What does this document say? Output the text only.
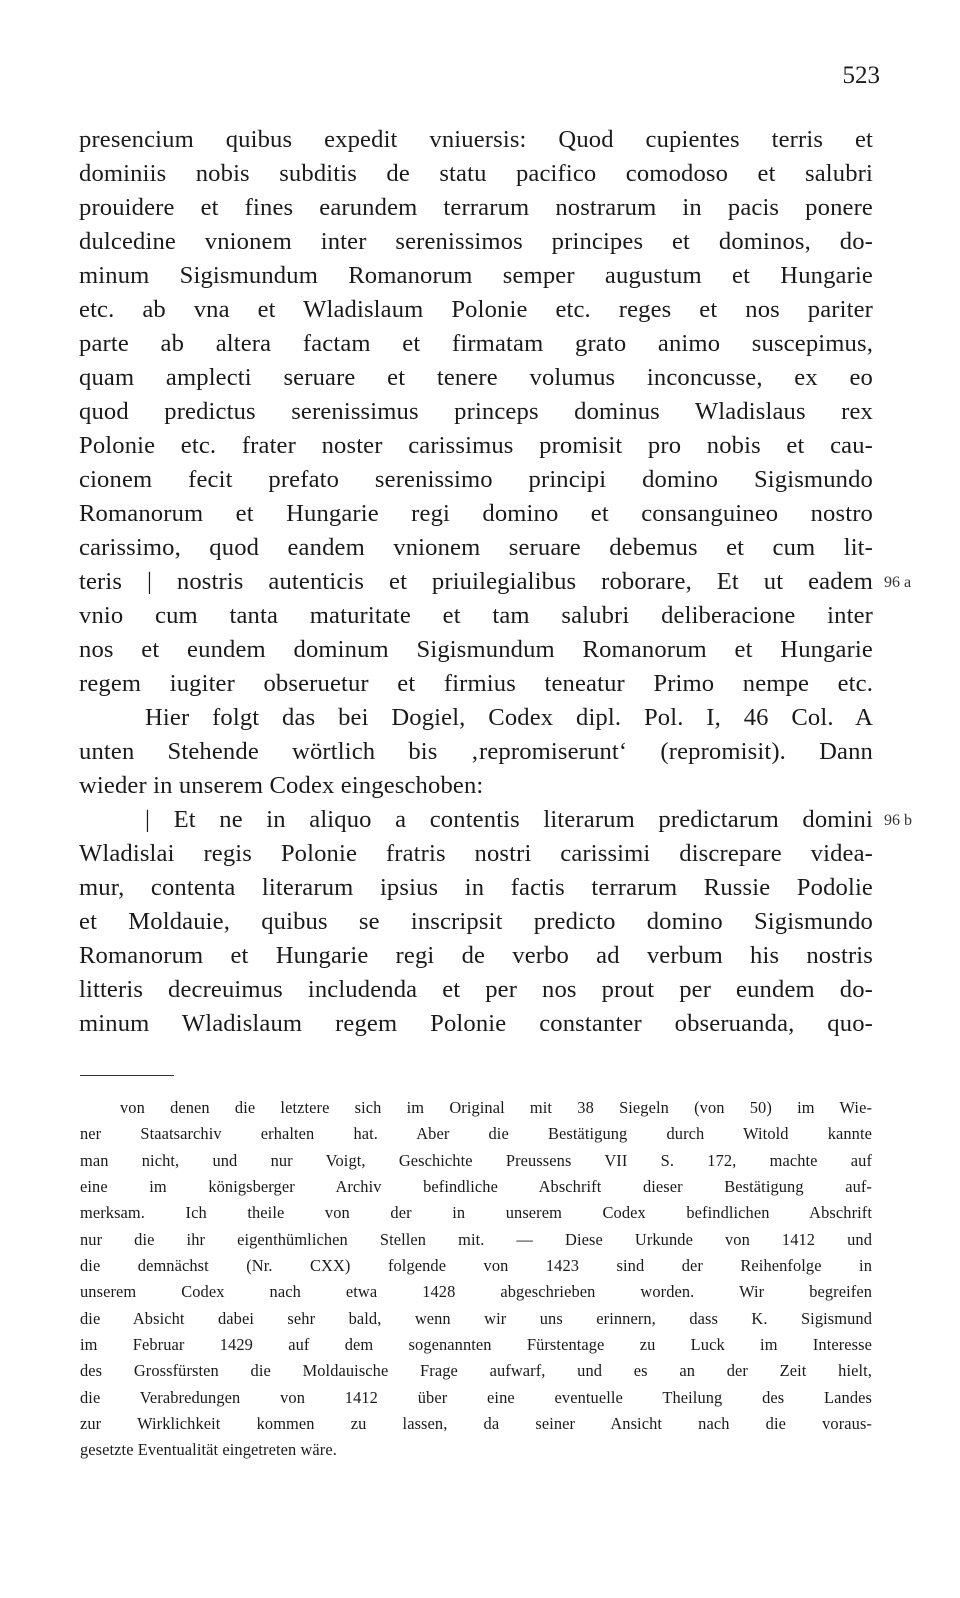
523

presencium quibus expedit vniuersis: Quod cupientes terris et

dominiis nobis subditis de statu pacifico comodoso et salubri

prouidere et fines earundem terrarum nostrarum in pacis ponere

dulcedine vnionem inter serenissimos principes et dominos, do-

minum Sigismundum Romanorum semper augustum et Hungarie

etc. ab vna et Wladislaum Polonie etc. reges et nos pariter

parte ab altera factam et firmatam grato animo suscepimus,

quam amplecti seruare et tenere volumus inconcusse, ex eo

quod predictus serenissimus princeps dominus Wladislaus rex

Polonie etc. frater noster carissimus promisit pro nobis et cau-

cionem fecit prefato serenissimo principi domino Sigismundo

Romanorum et Hungarie regi domino et consanguineo nostro

carissimo, quod eandem vnionem seruare debemus et cum lit-

teris | nostris autenticis et priuilegialibus roborare, Et ut eadem

vnio cum tanta maturitate et tam salubri deliberacione inter

nos et eundem dominum Sigismundum Romanorum et Hungarie

regem iugiter obseruetur et firmius teneatur Primo nempe etc.

Hier folgt das bei Dogiel, Codex dipl. Pol. I, 46 Col. A

unten Stehende wörtlich bis ‚repromiserunt‘ (repromisit). Dann

wieder in unserem Codex eingeschoben:

| Et ne in aliquo a contentis literarum predictarum domini

Wladislai regis Polonie fratris nostri carissimi discrepare videa-

mur, contenta literarum ipsius in factis terrarum Russie Podolie

et Moldauie, quibus se inscripsit predicto domino Sigismundo

Romanorum et Hungarie regi de verbo ad verbum his nostris

litteris decreuimus includenda et per nos prout per eundem do-

minum Wladislaum regem Polonie constanter obseruanda, quo-

96 a
96 b

von denen die letztere sich im Original mit 38 Siegeln (von 50) im Wie-

ner Staatsarchiv erhalten hat. Aber die Bestätigung durch Witold kannte

man nicht, und nur Voigt, Geschichte Preussens VII S. 172, machte auf

eine im königsberger Archiv befindliche Abschrift dieser Bestätigung auf-

merksam. Ich theile von der in unserem Codex befindlichen Abschrift

nur die ihr eigenthümlichen Stellen mit. — Diese Urkunde von 1412 und

die demnächst (Nr. CXX) folgende von 1423 sind der Reihenfolge in

unserem Codex nach etwa 1428 abgeschrieben worden. Wir begreifen

die Absicht dabei sehr bald, wenn wir uns erinnern, dass K. Sigismund

im Februar 1429 auf dem sogenannten Fürstentage zu Luck im Interesse

des Grossfürsten die Moldauische Frage aufwarf, und es an der Zeit hielt,

die Verabredungen von 1412 über eine eventuelle Theilung des Landes

zur Wirklichkeit kommen zu lassen, da seiner Ansicht nach die voraus-

gesetzte Eventualität eingetreten wäre.
